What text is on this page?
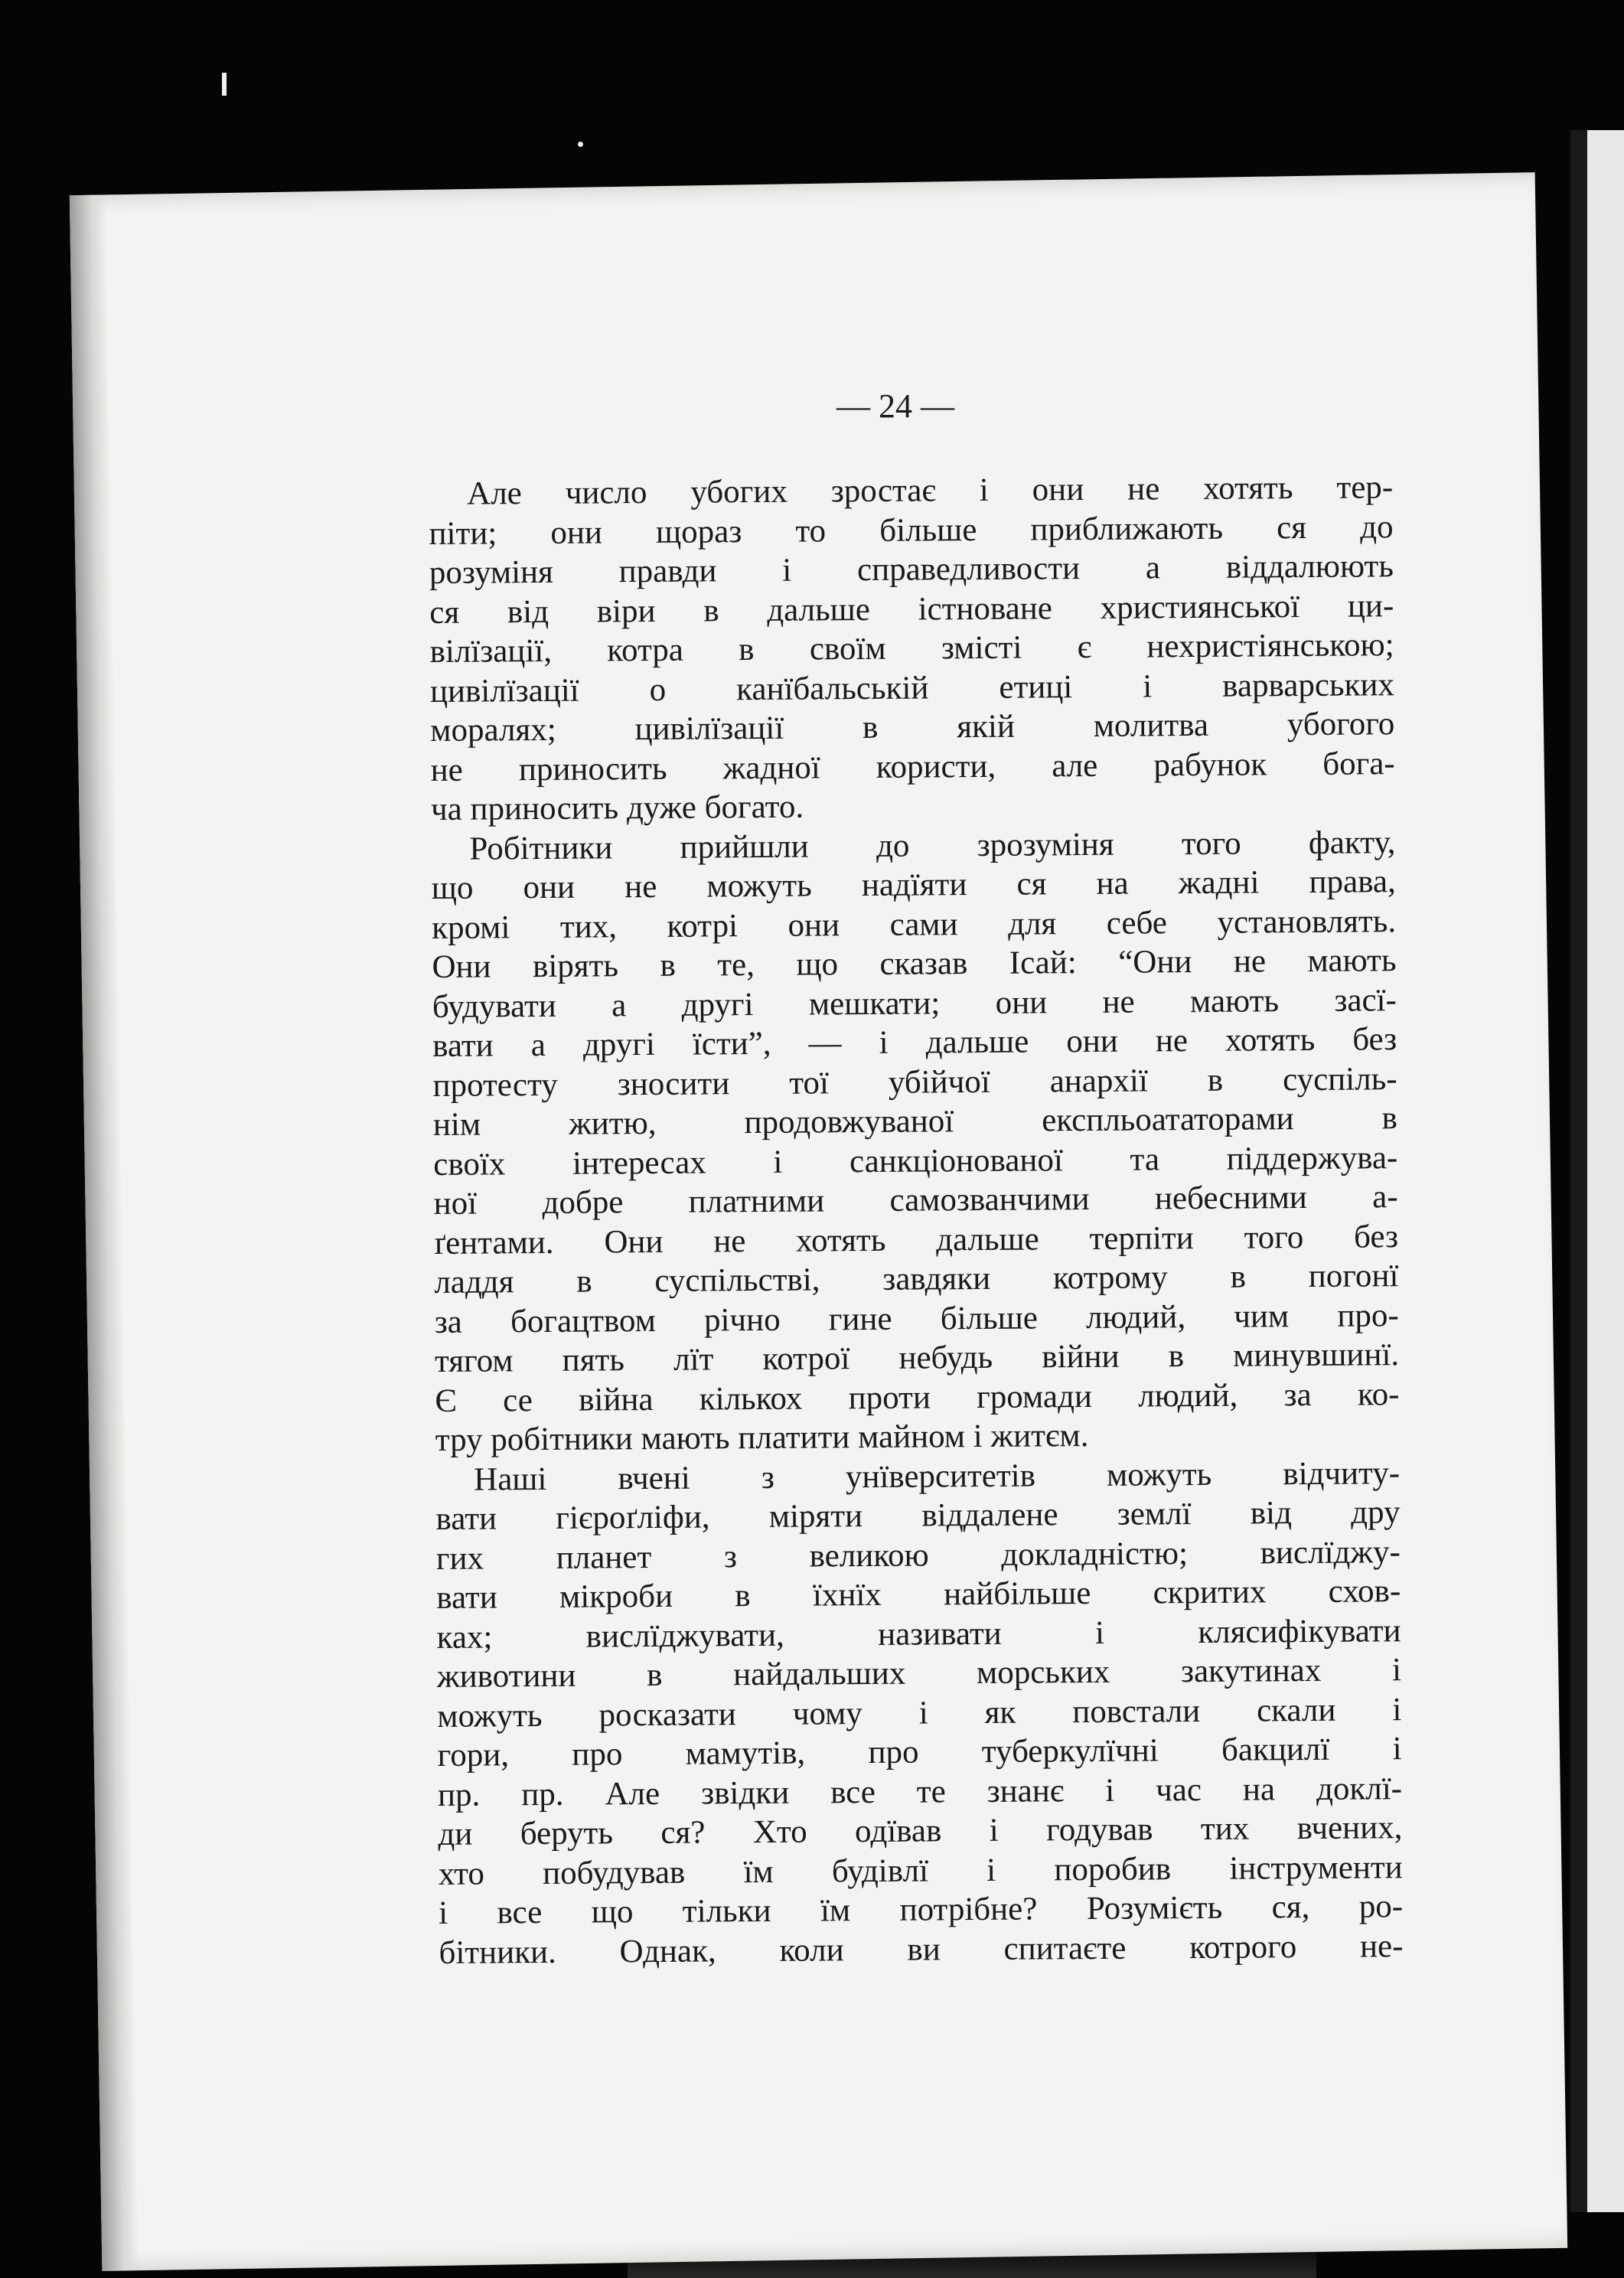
— 24 —
Але число убогих зростає і они не хотять тер-
піти; они щораз то більше приближають ся до
розуміня правди і справедливости а віддалюють
ся від віри в дальше істноване християнської ци-
вілїзації, котра в своїм змісті є нехристіянською;
цивілїзації о канїбальській етиці і варварських
моралях; цивілїзації в якій молитва убогого
не приносить жадної користи, але рабунок бога-
ча приносить дуже богато.
Робітники прийшли до зрозуміня того факту,
що они не можуть надїяти ся на жадні права,
кромі тих, котрі они сами для себе установлять.
Они вірять в те, що сказав Ісай: “Они не мають
будувати а другі мешкати; они не мають засї-
вати а другі їсти”, — і дальше они не хотять без
протесту зносити тої убійчої анархії в суспіль-
нім житю, продовжуваної експльоататорами в
своїх інтересах і санкціонованої та піддержува-
ної добре платними самозванчими небесними а-
ґентами. Они не хотять дальше терпіти того без
ладдя в суспільстві, завдяки котрому в погонї
за богацтвом річно гине більше людий, чим про-
тягом пять лїт котрої небудь війни в минувшинї.
Є се війна кількох проти громади людий, за ко-
тру робітники мають платити майном і житєм.
Наші вчені з унїверситетів можуть відчиту-
вати гієроґліфи, міряти віддалене землї від дру
гих планет з великою докладністю; вислїджу-
вати мікроби в їхнїх найбільше скритих схов-
ках; вислїджувати, називати і клясифікувати
животини в найдальших морських закутинах і
можуть росказати чому і як повстали скали і
гори, про мамутів, про туберкулїчні бакцилї і
пр. пр. Але звідки все те знанє і час на доклї-
ди беруть ся? Хто одївав і годував тих вчених,
хто побудував їм будівлї і поробив інструменти
і все що тільки їм потрібне? Розумієть ся, ро-
бітники. Однак, коли ви спитаєте котрого не-
